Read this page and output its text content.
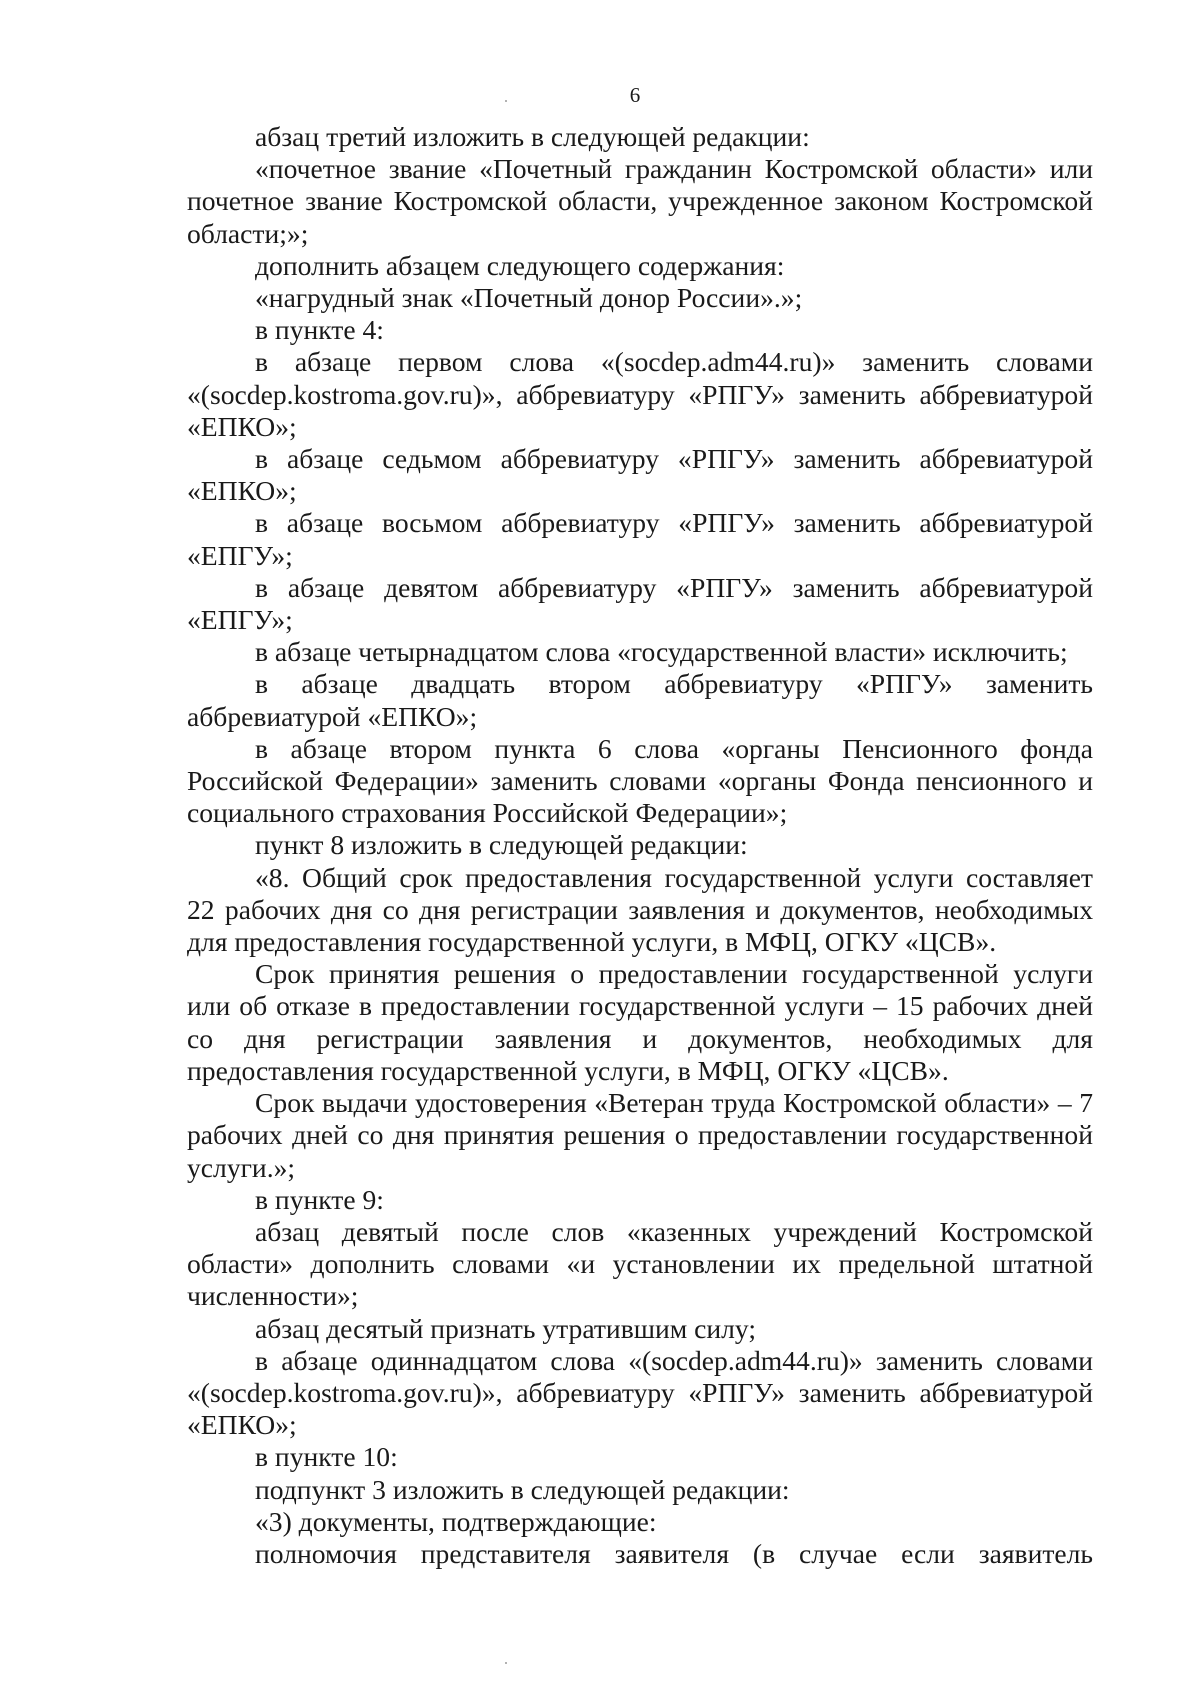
6

абзац третий изложить в следующей редакции:

«почетное звание «Почетный гражданин Костромской области» или почетное звание Костромской области, учрежденное законом Костромской области;»;

дополнить абзацем следующего содержания:

«нагрудный знак «Почетный донор России».»;

в пункте 4:

в абзаце первом слова «(socdep.adm44.ru)» заменить словами «(socdep.kostroma.gov.ru)», аббревиатуру «РПГУ» заменить аббревиатурой «ЕПКО»;

в абзаце седьмом аббревиатуру «РПГУ» заменить аббревиатурой «ЕПКО»;

в абзаце восьмом аббревиатуру «РПГУ» заменить аббревиатурой «ЕПГУ»;

в абзаце девятом аббревиатуру «РПГУ» заменить аббревиатурой «ЕПГУ»;

в абзаце четырнадцатом слова «государственной власти» исключить;

в абзаце двадцать втором аббревиатуру «РПГУ» заменить аббревиатурой «ЕПКО»;

в абзаце втором пункта 6 слова «органы Пенсионного фонда Российской Федерации» заменить словами «органы Фонда пенсионного и социального страхования Российской Федерации»;

пункт 8 изложить в следующей редакции:

«8. Общий срок предоставления государственной услуги составляет 22 рабочих дня со дня регистрации заявления и документов, необходимых для предоставления государственной услуги, в МФЦ, ОГКУ «ЦСВ».

Срок принятия решения о предоставлении государственной услуги или об отказе в предоставлении государственной услуги – 15 рабочих дней со дня регистрации заявления и документов, необходимых для предоставления государственной услуги, в МФЦ, ОГКУ «ЦСВ».

Срок выдачи удостоверения «Ветеран труда Костромской области» – 7 рабочих дней со дня принятия решения о предоставлении государственной услуги.»;

в пункте 9:

абзац девятый после слов «казенных учреждений Костромской области» дополнить словами «и установлении их предельной штатной численности»;

абзац десятый признать утратившим силу;

в абзаце одиннадцатом слова «(socdep.adm44.ru)» заменить словами «(socdep.kostroma.gov.ru)», аббревиатуру «РПГУ» заменить аббревиатурой «ЕПКО»;

в пункте 10:

подпункт 3 изложить в следующей редакции:

«3) документы, подтверждающие:

полномочия представителя заявителя (в случае если заявитель
